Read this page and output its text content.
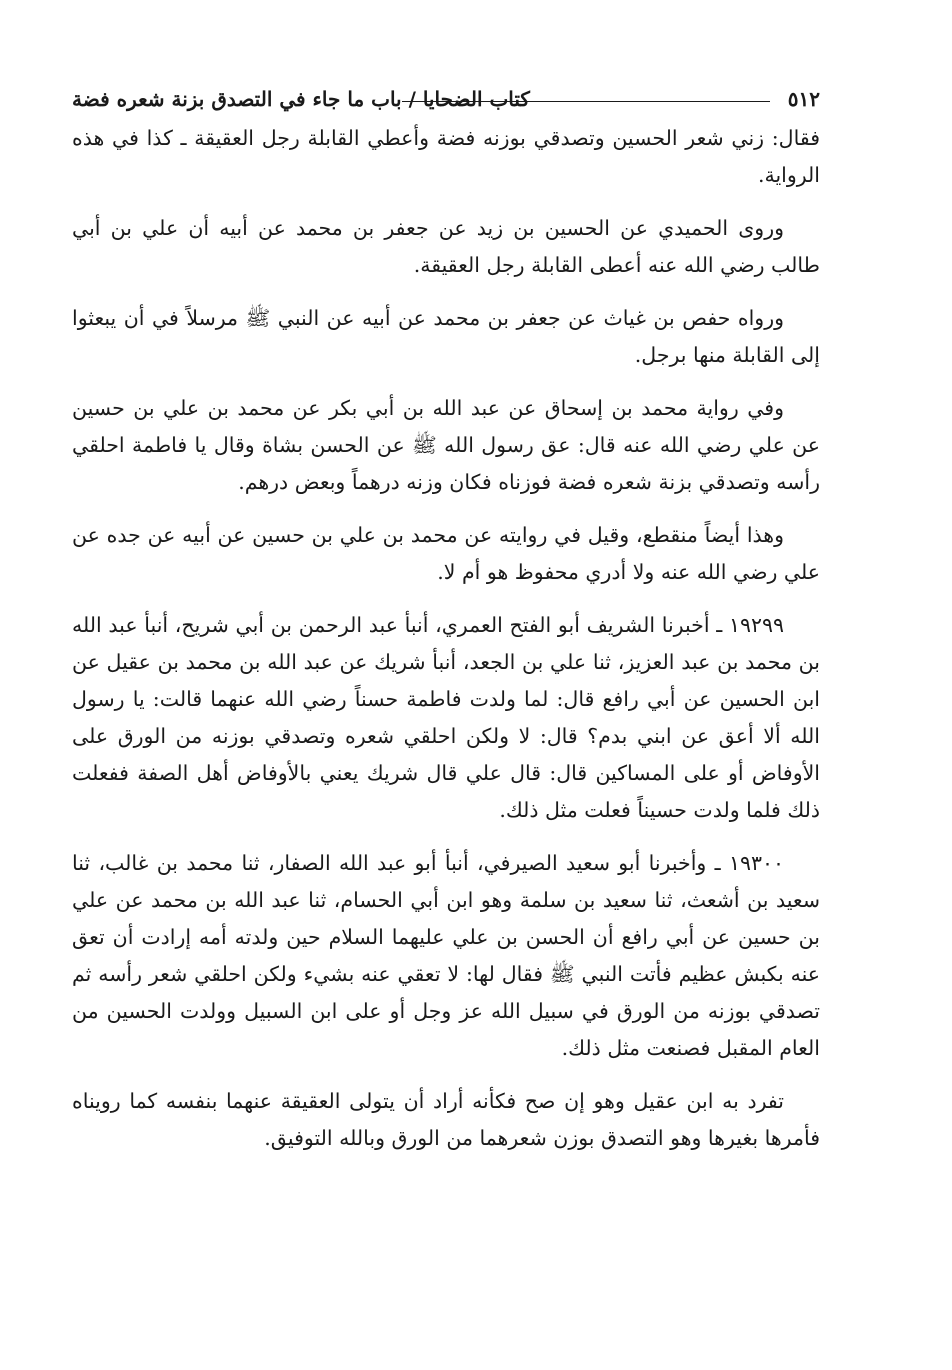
٥١٢
كتاب الضحايا / باب ما جاء في التصدق بزنة شعره فضة

فقال: زني شعر الحسين وتصدقي بوزنه فضة وأعطي القابلة رجل العقيقة ـ كذا في هذه الرواية.

وروى الحميدي عن الحسين بن زيد عن جعفر بن محمد عن أبيه أن علي بن أبي طالب رضي الله عنه أعطى القابلة رجل العقيقة.

ورواه حفص بن غياث عن جعفر بن محمد عن أبيه عن النبي ﷺ مرسلاً في أن يبعثوا إلى القابلة منها برجل.

وفي رواية محمد بن إسحاق عن عبد الله بن أبي بكر عن محمد بن علي بن حسين عن علي رضي الله عنه قال: عق رسول الله ﷺ عن الحسن بشاة وقال يا فاطمة احلقي رأسه وتصدقي بزنة شعره فضة فوزناه فكان وزنه درهماً وبعض درهم.

وهذا أيضاً منقطع، وقيل في روايته عن محمد بن علي بن حسين عن أبيه عن جده عن علي رضي الله عنه ولا أدري محفوظ هو أم لا.

١٩٢٩٩ ـ أخبرنا الشريف أبو الفتح العمري، أنبأ عبد الرحمن بن أبي شريح، أنبأ عبد الله بن محمد بن عبد العزيز، ثنا علي بن الجعد، أنبأ شريك عن عبد الله بن محمد بن عقيل عن ابن الحسين عن أبي رافع قال: لما ولدت فاطمة حسناً رضي الله عنهما قالت: يا رسول الله ألا أعق عن ابني بدم؟ قال: لا ولكن احلقي شعره وتصدقي بوزنه من الورق على الأوفاض أو على المساكين قال: قال علي قال شريك يعني بالأوفاض أهل الصفة ففعلت ذلك فلما ولدت حسيناً فعلت مثل ذلك.

١٩٣٠٠ ـ وأخبرنا أبو سعيد الصيرفي، أنبأ أبو عبد الله الصفار، ثنا محمد بن غالب، ثنا سعيد بن أشعث، ثنا سعيد بن سلمة وهو ابن أبي الحسام، ثنا عبد الله بن محمد عن علي بن حسين عن أبي رافع أن الحسن بن علي عليهما السلام حين ولدته أمه إرادت أن تعق عنه بكبش عظيم فأتت النبي ﷺ فقال لها: لا تعقي عنه بشيء ولكن احلقي شعر رأسه ثم تصدقي بوزنه من الورق في سبيل الله عز وجل أو على ابن السبيل وولدت الحسين من العام المقبل فصنعت مثل ذلك.

تفرد به ابن عقيل وهو إن صح فكأنه أراد أن يتولى العقيقة عنهما بنفسه كما رويناه فأمرها بغيرها وهو التصدق بوزن شعرهما من الورق وبالله التوفيق.
